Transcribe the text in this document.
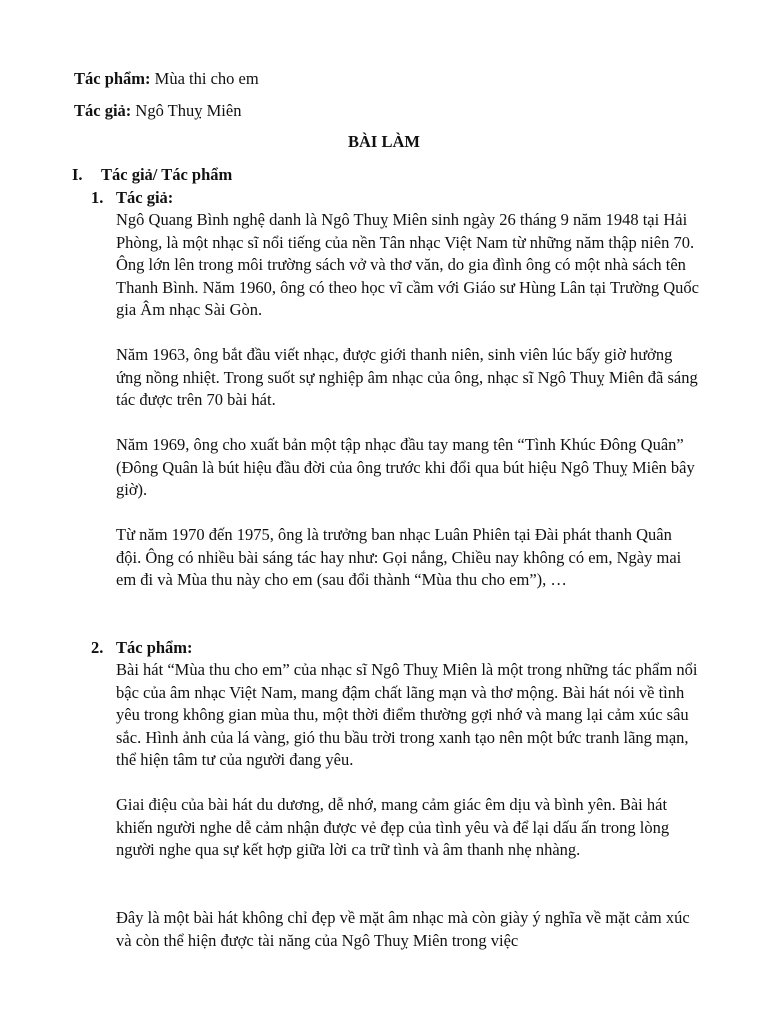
Tác phẩm: Mùa thi cho em
Tác giả: Ngô Thuỵ Miên
BÀI LÀM
I. Tác giả/ Tác phẩm
1. Tác giả:

Ngô Quang Bình nghệ danh là Ngô Thuỵ Miên sinh ngày 26 tháng 9 năm 1948 tại Hải Phòng, là một nhạc sĩ nổi tiếng của nền Tân nhạc Việt Nam từ những năm thập niên 70. Ông lớn lên trong môi trường sách vở và thơ văn, do gia đình ông có một nhà sách tên Thanh Bình. Năm 1960, ông có theo học vĩ cầm với Giáo sư Hùng Lân tại Trường Quốc gia Âm nhạc Sài Gòn.

Năm 1963, ông bắt đầu viết nhạc, được giới thanh niên, sinh viên lúc bấy giờ hưởng ứng nồng nhiệt. Trong suốt sự nghiệp âm nhạc của ông, nhạc sĩ Ngô Thuỵ Miên đã sáng tác được trên 70 bài hát.

Năm 1969, ông cho xuất bản một tập nhạc đầu tay mang tên “Tình Khúc Đông Quân” (Đông Quân là bút hiệu đầu đời của ông trước khi đổi qua bút hiệu Ngô Thuỵ Miên bây giờ).

Từ năm 1970 đến 1975, ông là trưởng ban nhạc Luân Phiên tại Đài phát thanh Quân đội. Ông có nhiều bài sáng tác hay như: Gọi nắng, Chiều nay không có em, Ngày mai em đi và Mùa thu này cho em (sau đổi thành “Mùa thu cho em”), …

2. Tác phẩm:

Bài hát “Mùa thu cho em” của nhạc sĩ Ngô Thuỵ Miên là một trong những tác phẩm nổi bậc của âm nhạc Việt Nam, mang đậm chất lãng mạn và thơ mộng. Bài hát nói về tình yêu trong không gian mùa thu, một thời điểm thường gợi nhớ và mang lại cảm xúc sâu sắc. Hình ảnh của lá vàng, gió thu bầu trời trong xanh tạo nên một bức tranh lãng mạn, thể hiện tâm tư của người đang yêu.

Giai điệu của bài hát du dương, dễ nhớ, mang cảm giác êm dịu và bình yên. Bài hát khiến người nghe dễ cảm nhận được vẻ đẹp của tình yêu và để lại dấu ấn trong lòng người nghe qua sự kết hợp giữa lời ca trữ tình và âm thanh nhẹ nhàng.

Đây là một bài hát không chỉ đẹp về mặt âm nhạc mà còn giày ý nghĩa về mặt cảm xúc và còn thể hiện được tài năng của Ngô Thuỵ Miên trong việc
